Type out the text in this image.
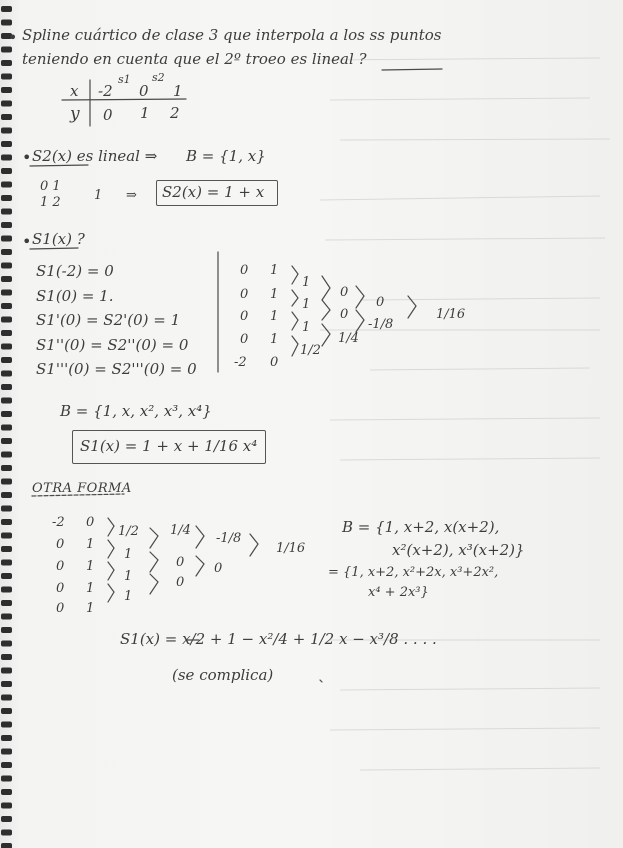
• Spline cuártico de clase 3 que interpola a los ss puntos
teniendo en cuenta que el 2º troeo es lineal ?
s1 s2
x -2 0 1
y 0 1 2
• S2(x) es lineal ⇒ B = {1, x}
0 1
1 2	1 ⇒ S2(x) = 1 + x
• S1(x) ?
S1(-2) = 0
S1(0) = 1.
S1'(0) = S2'(0) = 1
S1''(0) = S2''(0) = 0
S1'''(0) = S2'''(0) = 0
0
0
0
0
-2
1
1
1
1
0
1
1
1
1/2
0
0
1/4
0
-1/8
1/16
B = {1, x, x², x³, x⁴}
S1(x) = 1 + x + 1/16 x⁴
OTRA FORMA
-2
0
0
0
0
0
1
1
1
1
1/2
1
1
1
1/4
0
0
-1/8
0
1/16
B = {1, x+2, x(x+2),
x²(x+2), x³(x+2)}
= {1, x+2, x²+2x, x³+2x²,
x⁴ + 2x³}
S1(x) = x/2 + 1 − x²/4 + 1/2 x − x³/8 . . . .
(se complica)
